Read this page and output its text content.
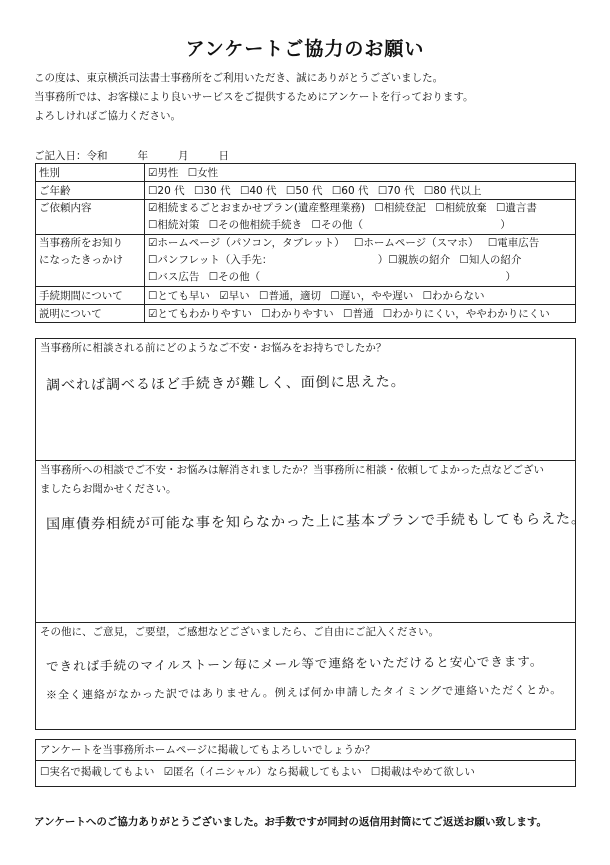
アンケートご協力のお願い
この度は、東京横浜司法書士事務所をご利用いただき、誠にありがとうございました。
当事務所では、お客様により良いサービスをご提供するためにアンケートを行っております。
よろしければご協力ください。
ご記入日：令和	年	月	日
性別	☑男性 ☐女性
ご年齢	☐20 代 ☐30 代 ☐40 代 ☐50 代 ☐60 代 ☐70 代 ☐80 代以上

ご依頼内容	☑相続まるごとおまかせプラン(遺産整理業務) ☐相続登記 ☐相続放棄 ☐遺言書
☐相続対策 ☐その他相続手続き ☐その他（ ）

当事務所をお知り
になったきっかけ	☑ホームページ（パソコン，タブレット） ☐ホームページ（スマホ） ☐電車広告
☐パンフレット（入手先： ）☐親族の紹介 ☐知人の紹介
☐バス広告 ☐その他（ ）

手続期間について	☐とても早い ☑早い ☐普通，適切 ☐遅い，やや遅い ☐わからない
説明について	☑とてもわかりやすい ☐わかりやすい ☐普通 ☐わかりにくい，ややわかりにくい
当事務所に相談される前にどのようなご不安・お悩みをお持ちでしたか？
調べれば調べるほど手続きが難しく、面倒に思えた。
当事務所への相談でご不安・お悩みは解消されましたか？当事務所に相談・依頼してよかった点などござい
ましたらお聞かせください。
国庫債券相続が可能な事を知らなかった上に基本プランで手続もしてもらえた。
その他に、ご意見，ご要望，ご感想などございましたら、ご自由にご記入ください。
できれば手続のマイルストーン毎にメール等で連絡をいただけると安心できます。
※全く連絡がなかった訳ではありません。例えば何か申請したタイミングで連絡いただくとか。
アンケートを当事務所ホームページに掲載してもよろしいでしょうか？
☐実名で掲載してもよい ☑匿名（イニシャル）なら掲載してもよい ☐掲載はやめて欲しい
アンケートへのご協力ありがとうございました。お手数ですが同封の返信用封筒にてご返送お願い致します。
